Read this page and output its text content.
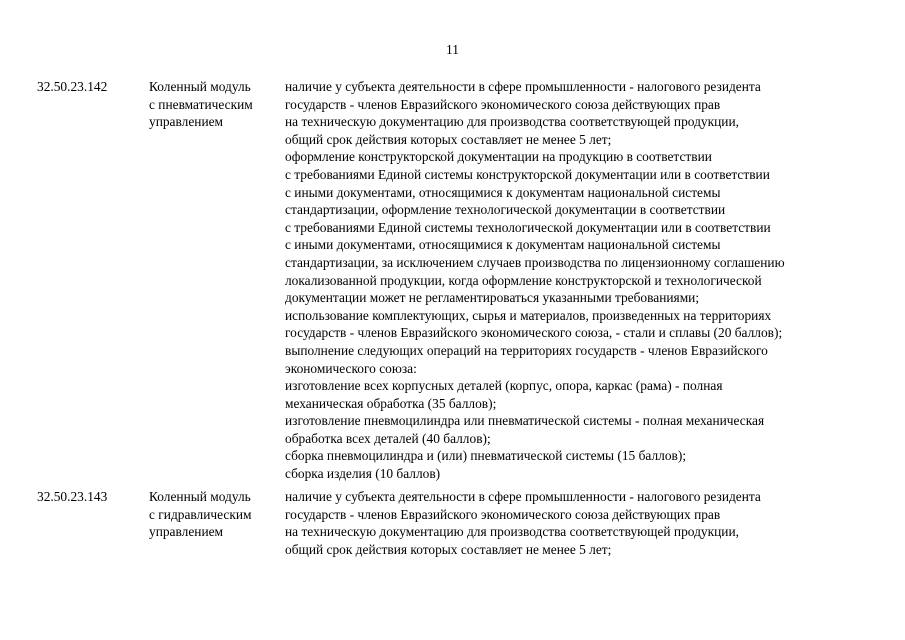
11
32.50.23.142	Коленный модуль
с пневматическим
управлением
наличие у субъекта деятельности в сфере промышленности - налогового резидента
государств - членов Евразийского экономического союза действующих прав
на техническую документацию для производства соответствующей продукции,
общий срок действия которых составляет не менее 5 лет;
оформление конструкторской документации на продукцию в соответствии
с требованиями Единой системы конструкторской документации или в соответствии
с иными документами, относящимися к документам национальной системы
стандартизации, оформление технологической документации в соответствии
с требованиями Единой системы технологической документации или в соответствии
с иными документами, относящимися к документам национальной системы
стандартизации, за исключением случаев производства по лицензионному соглашению
локализованной продукции, когда оформление конструкторской и технологической
документации может не регламентироваться указанными требованиями;
использование комплектующих, сырья и материалов, произведенных на территориях
государств - членов Евразийского экономического союза, - стали и сплавы (20 баллов);
выполнение следующих операций на территориях государств - членов Евразийского
экономического союза:
изготовление всех корпусных деталей (корпус, опора, каркас (рама) - полная
механическая обработка (35 баллов);
изготовление пневмоцилиндра или пневматической системы - полная механическая
обработка всех деталей (40 баллов);
сборка пневмоцилиндра и (или) пневматической системы (15 баллов);
сборка изделия (10 баллов)
32.50.23.143	Коленный модуль
с гидравлическим
управлением
наличие у субъекта деятельности в сфере промышленности - налогового резидента
государств - членов Евразийского экономического союза действующих прав
на техническую документацию для производства соответствующей продукции,
общий срок действия которых составляет не менее 5 лет;
